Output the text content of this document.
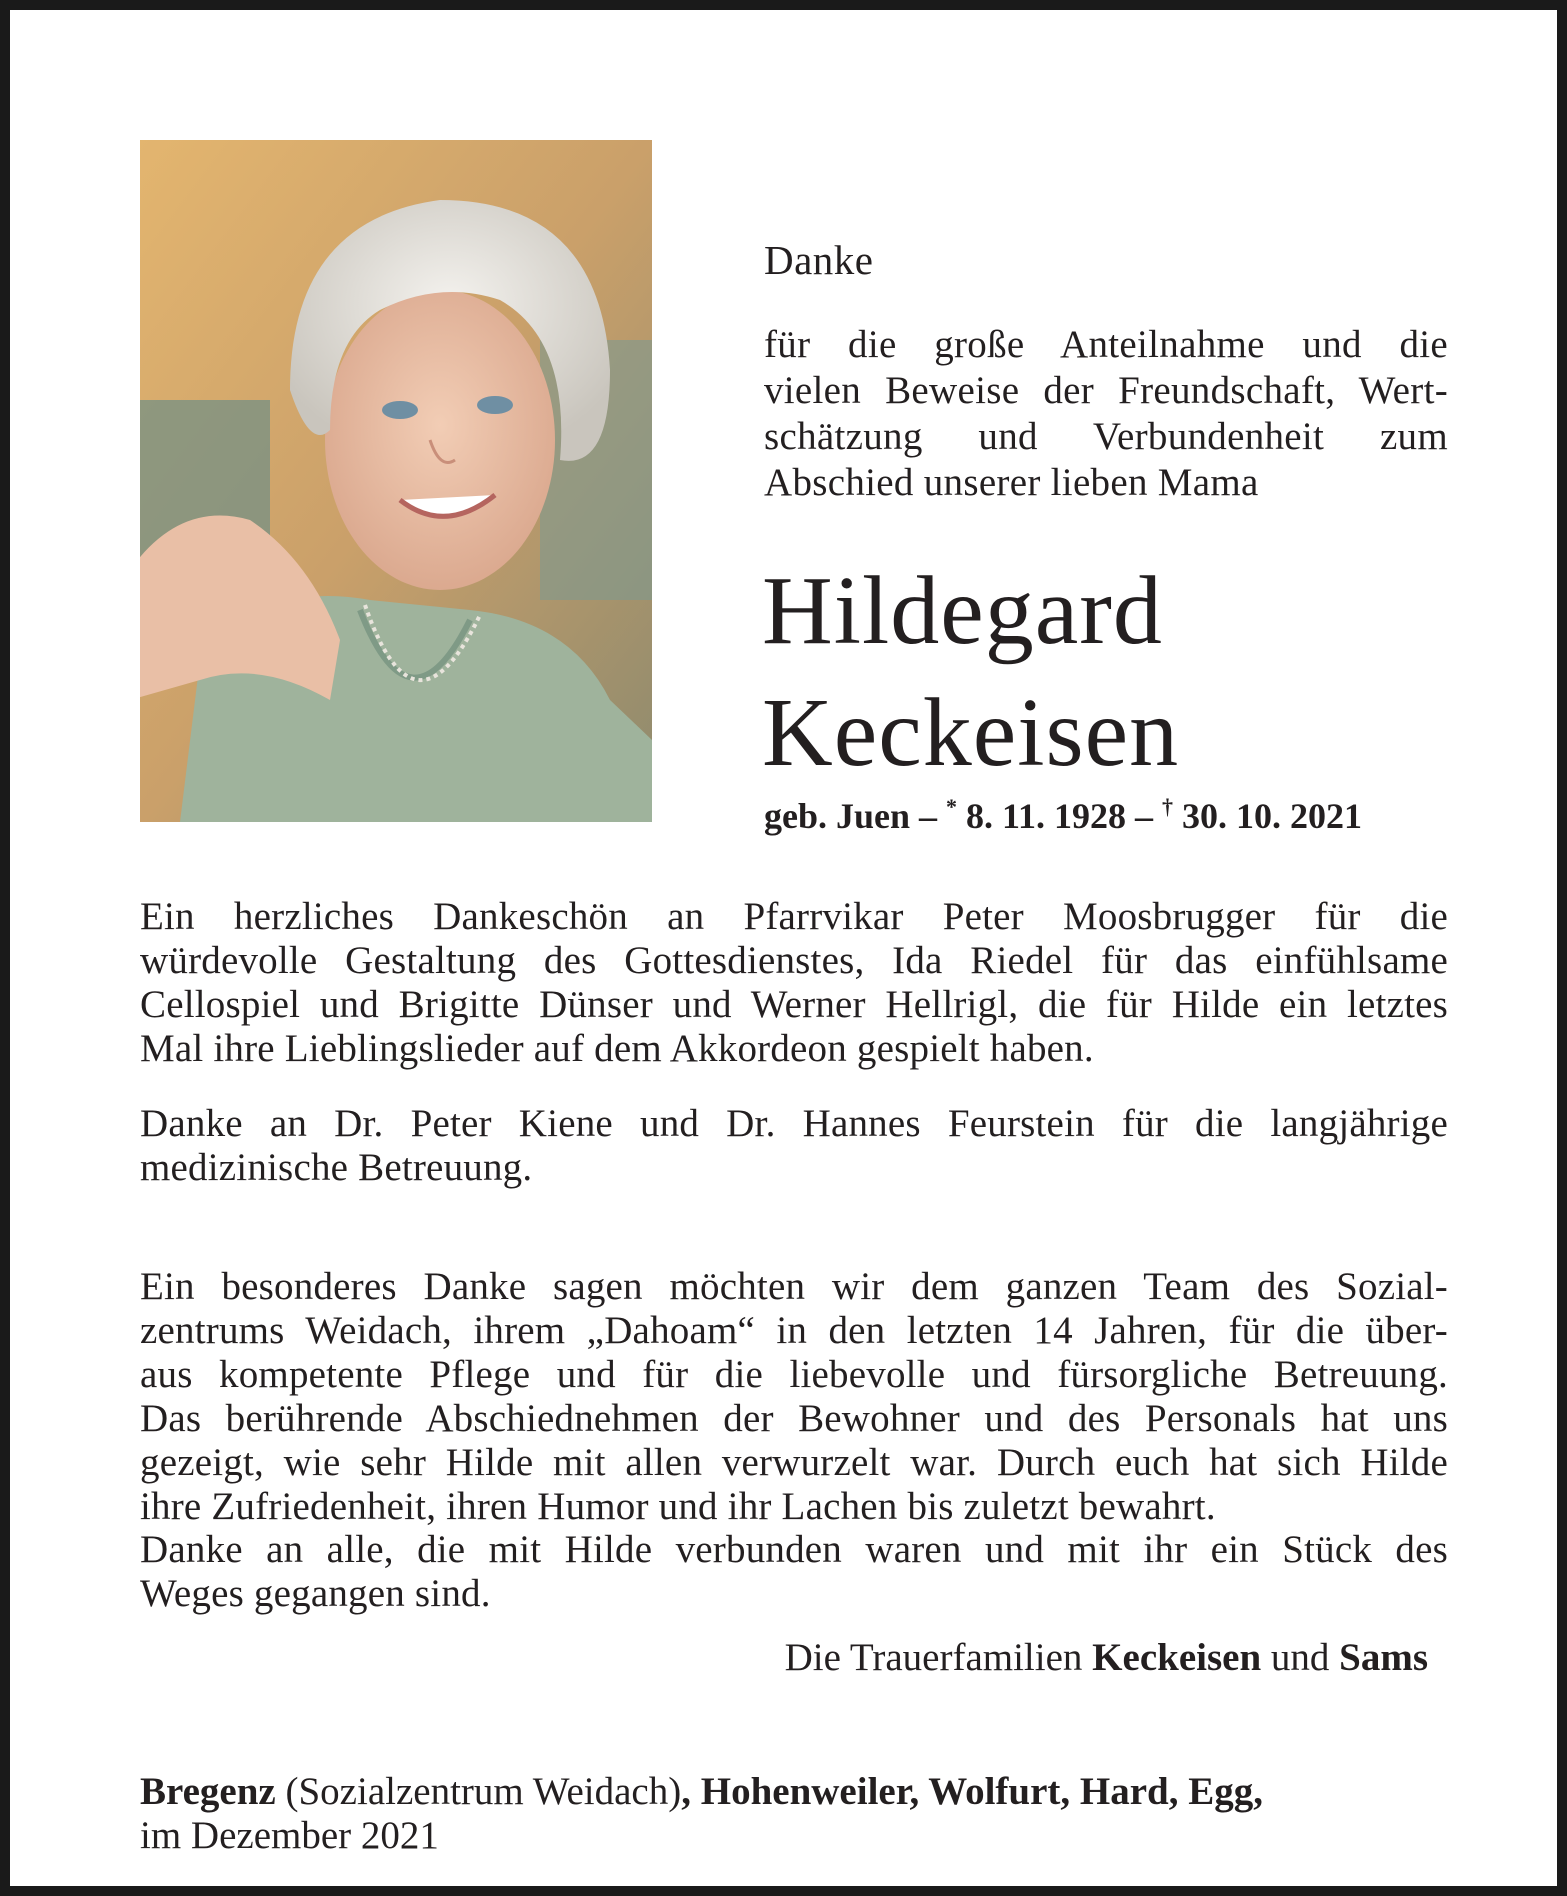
Danke
für die große Anteilnahme und die
vielen Beweise der Freundschaft, Wert-
schätzung und Verbundenheit zum
Abschied unserer lieben Mama
Hildegard
Keckeisen
geb. Juen – * 8. 11. 1928 – † 30. 10. 2021
Ein herzliches Dankeschön an Pfarrvikar Peter Moosbrugger für die
würdevolle Gestaltung des Gottesdienstes, Ida Riedel für das einfühlsame
Cellospiel und Brigitte Dünser und Werner Hellrigl, die für Hilde ein letztes
Mal ihre Lieblingslieder auf dem Akkordeon gespielt haben.
Danke an Dr. Peter Kiene und Dr. Hannes Feurstein für die langjährige
medizinische Betreuung.
Ein besonderes Danke sagen möchten wir dem ganzen Team des Sozial-
zentrums Weidach, ihrem „Dahoam“ in den letzten 14 Jahren, für die über-
aus kompetente Pflege und für die liebevolle und fürsorgliche Betreuung.
Das berührende Abschiednehmen der Bewohner und des Personals hat uns
gezeigt, wie sehr Hilde mit allen verwurzelt war. Durch euch hat sich Hilde
ihre Zufriedenheit, ihren Humor und ihr Lachen bis zuletzt bewahrt.
Danke an alle, die mit Hilde verbunden waren und mit ihr ein Stück des
Weges gegangen sind.
Die Trauerfamilien Keckeisen und Sams
Bregenz (Sozialzentrum Weidach), Hohenweiler, Wolfurt, Hard, Egg,
im Dezember 2021
